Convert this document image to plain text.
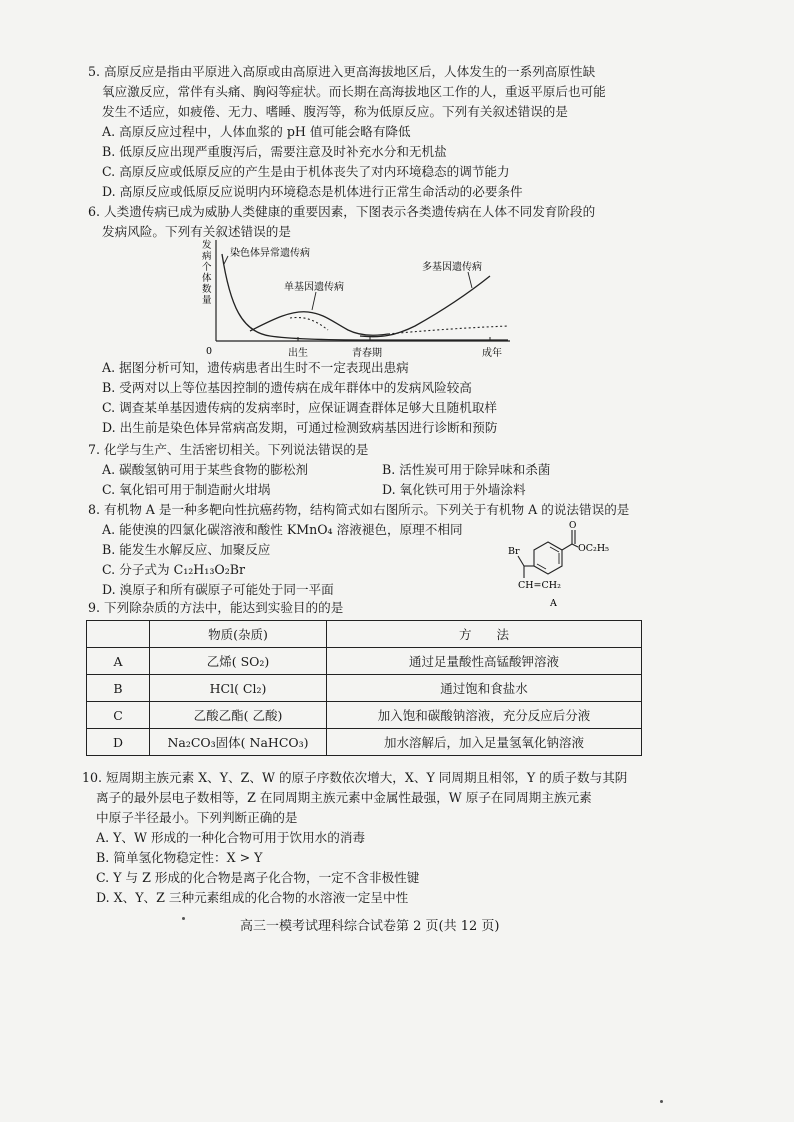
5. 高原反应是指由平原进入高原或由高原进入更高海拔地区后，人体发生的一系列高原性缺
氧应激反应，常伴有头痛、胸闷等症状。而长期在高海拔地区工作的人，重返平原后也可能
发生不适应，如疲倦、无力、嗜睡、腹泻等，称为低原反应。下列有关叙述错误的是
A. 高原反应过程中，人体血浆的 pH 值可能会略有降低
B. 低原反应出现严重腹泻后，需要注意及时补充水分和无机盐
C. 高原反应或低原反应的产生是由于机体丧失了对内环境稳态的调节能力
D. 高原反应或低原反应说明内环境稳态是机体进行正常生命活动的必要条件
6. 人类遗传病已成为威胁人类健康的重要因素，下图表示各类遗传病在人体不同发育阶段的
发病风险。下列有关叙述错误的是
发
病
个
体
数
量
0	出生	青春期	成年
染色体异常遗传病
单基因遗传病
多基因遗传病
A. 据图分析可知，遗传病患者出生时不一定表现出患病
B. 受两对以上等位基因控制的遗传病在成年群体中的发病风险较高
C. 调查某单基因遗传病的发病率时，应保证调查群体足够大且随机取样
D. 出生前是染色体异常病高发期，可通过检测致病基因进行诊断和预防
7. 化学与生产、生活密切相关。下列说法错误的是
A. 碳酸氢钠可用于某些食物的膨松剂	B. 活性炭可用于除异味和杀菌
C. 氧化铝可用于制造耐火坩埚	D. 氧化铁可用于外墙涂料
8. 有机物 A 是一种多靶向性抗癌药物，结构简式如右图所示。下列关于有机物 A 的说法错误的是
A. 能使溴的四氯化碳溶液和酸性 KMnO₄ 溶液褪色，原理不相同
B. 能发生水解反应、加聚反应
C. 分子式为 C₁₂H₁₃O₂Br
D. 溴原子和所有碳原子可能处于同一平面
O
OC₂H₅
Br
CH=CH₂
A
9. 下列除杂质的方法中，能达到实验目的的是
	物质(杂质)	方　　法
A	乙烯( SO₂)	通过足量酸性高锰酸钾溶液
B	HCl( Cl₂)	通过饱和食盐水
C	乙酸乙酯( 乙酸)	加入饱和碳酸钠溶液，充分反应后分液
D	Na₂CO₃固体( NaHCO₃)	加水溶解后，加入足量氢氧化钠溶液
10. 短周期主族元素 X、Y、Z、W 的原子序数依次增大，X、Y 同周期且相邻，Y 的质子数与其阴
离子的最外层电子数相等，Z 在同周期主族元素中金属性最强，W 原子在同周期主族元素
中原子半径最小。下列判断正确的是
A. Y、W 形成的一种化合物可用于饮用水的消毒
B. 简单氢化物稳定性：X > Y
C. Y 与 Z 形成的化合物是离子化合物，一定不含非极性键
D. X、Y、Z 三种元素组成的化合物的水溶液一定呈中性
高三一模考试理科综合试卷第 2 页(共 12 页)
